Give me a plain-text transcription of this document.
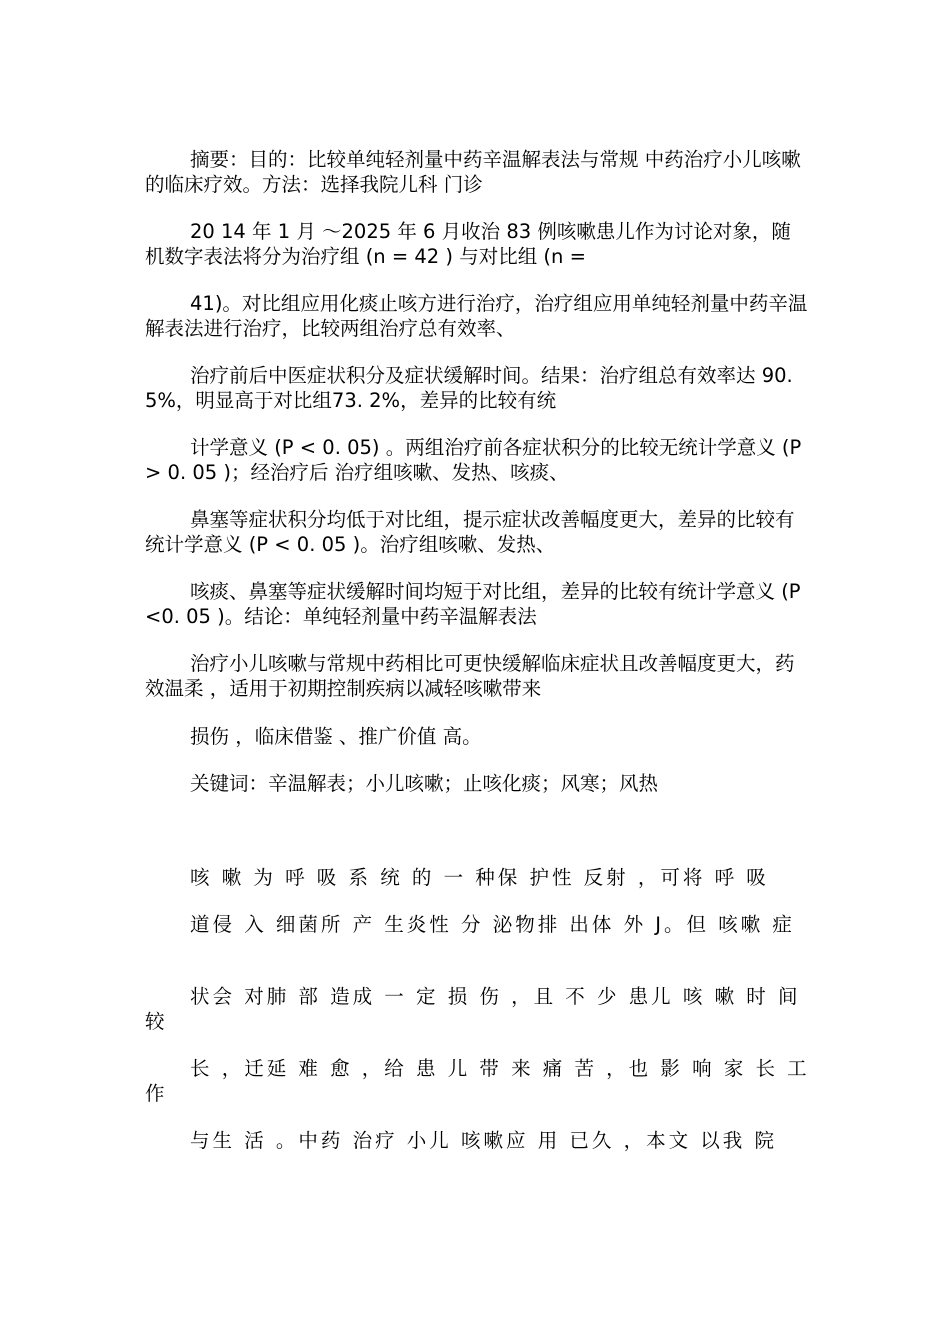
摘要：目的：比较单纯轻剂量中药辛温解表法与常规 中药治疗小儿咳嗽的临床疗效。方法：选择我院儿科 门诊
20 14 年 1 月 ～2025 年 6 月收治 83 例咳嗽患儿作为讨论对象，随机数字表法将分为治疗组 (n = 42 ) 与对比组 (n =
41)。对比组应用化痰止咳方进行治疗，治疗组应用单纯轻剂量中药辛温解表法进行治疗，比较两组治疗总有效率、
治疗前后中医症状积分及症状缓解时间。结果：治疗组总有效率达 90. 5%，明显高于对比组73. 2%，差异的比较有统
计学意义 (P < 0. 05) 。两组治疗前各症状积分的比较无统计学意义 (P > 0. 05 )；经治疗后 治疗组咳嗽、发热、咳痰、
鼻塞等症状积分均低于对比组，提示症状改善幅度更大，差异的比较有统计学意义 (P < 0. 05 )。治疗组咳嗽、发热、
咳痰、鼻塞等症状缓解时间均短于对比组，差异的比较有统计学意义 (P <0. 05 )。结论：单纯轻剂量中药辛温解表法
治疗小儿咳嗽与常规中药相比可更快缓解临床症状且改善幅度更大，药效温柔 ，适用于初期控制疾病以减轻咳嗽带来
损伤 ，临床借鉴 、推广价值 高。
关键词：辛温解表；小儿咳嗽；止咳化痰；风寒；风热
咳 嗽 为 呼 吸 系 统 的 一 种保 护性 反射 ，可将 呼 吸
道侵 入 细菌所 产 生炎性 分 泌物排 出体 外 J。但 咳嗽 症
状会 对肺 部 造成 一 定 损 伤 ，且 不 少 患儿 咳 嗽 时 间 较
长 ，迁延 难 愈 ，给 患 儿 带 来 痛 苦 ，也 影 响 家 长 工 作
与生 活 。中药 治疗 小儿 咳嗽应 用 已久 ，本文 以我 院
